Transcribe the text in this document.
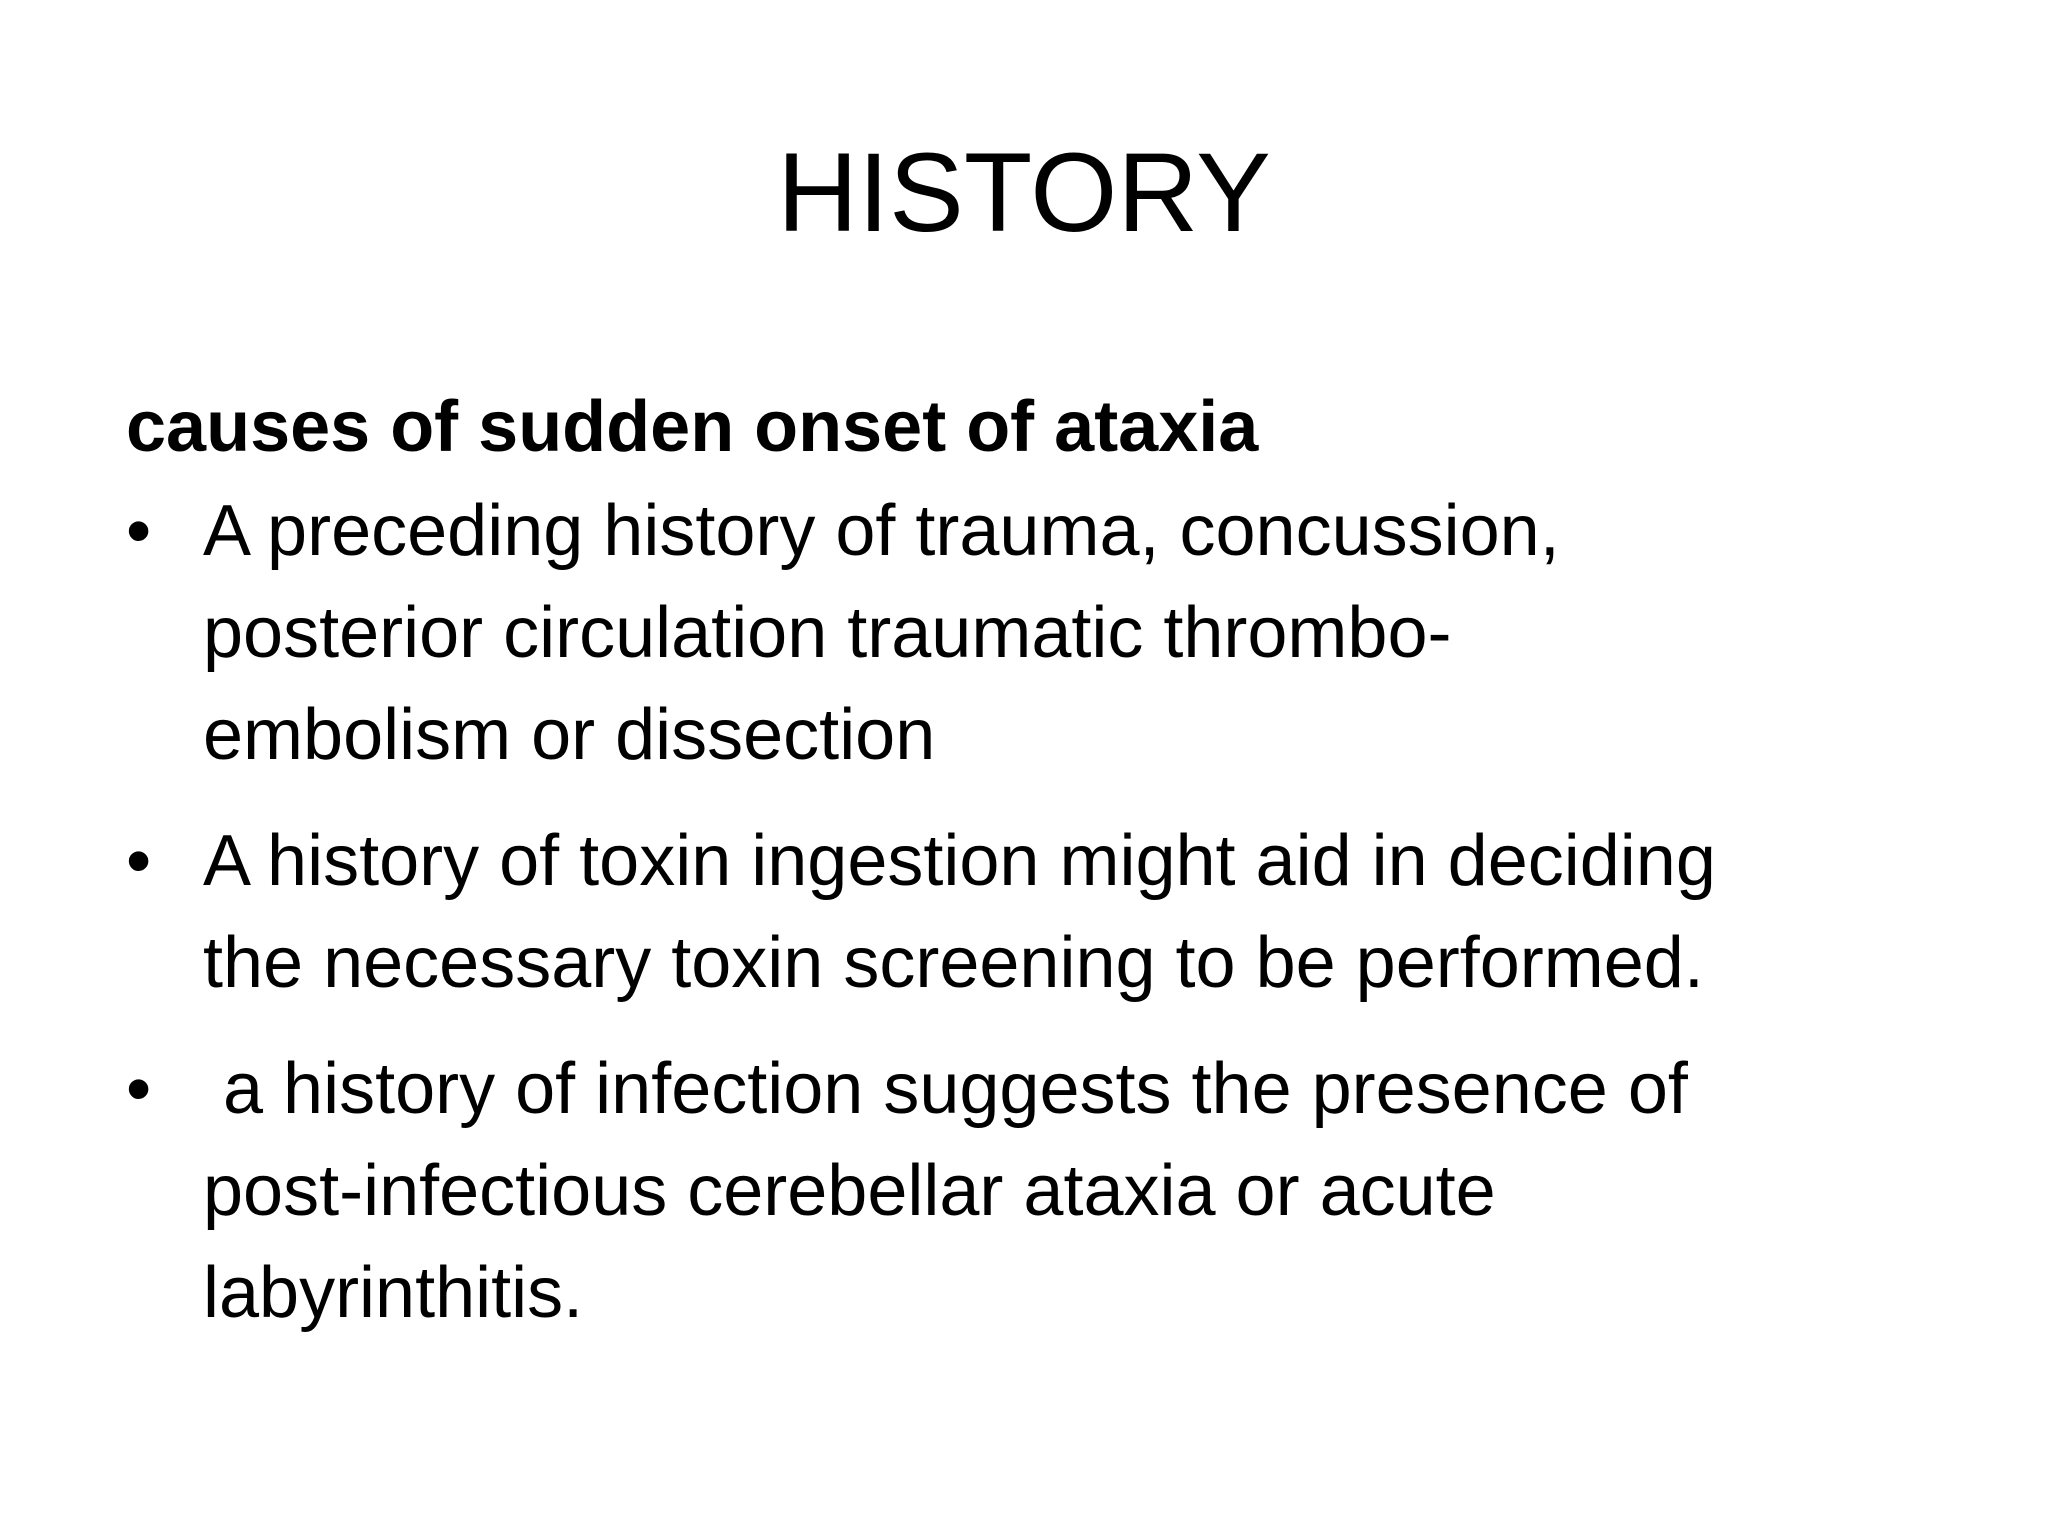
HISTORY

causes of sudden onset of ataxia

• A preceding history of trauma, concussion,
posterior circulation traumatic thrombo-
embolism or dissection
• A history of toxin ingestion might aid in deciding
the necessary toxin screening to be performed.
• a history of infection suggests the presence of
post-infectious cerebellar ataxia or acute
labyrinthitis.
